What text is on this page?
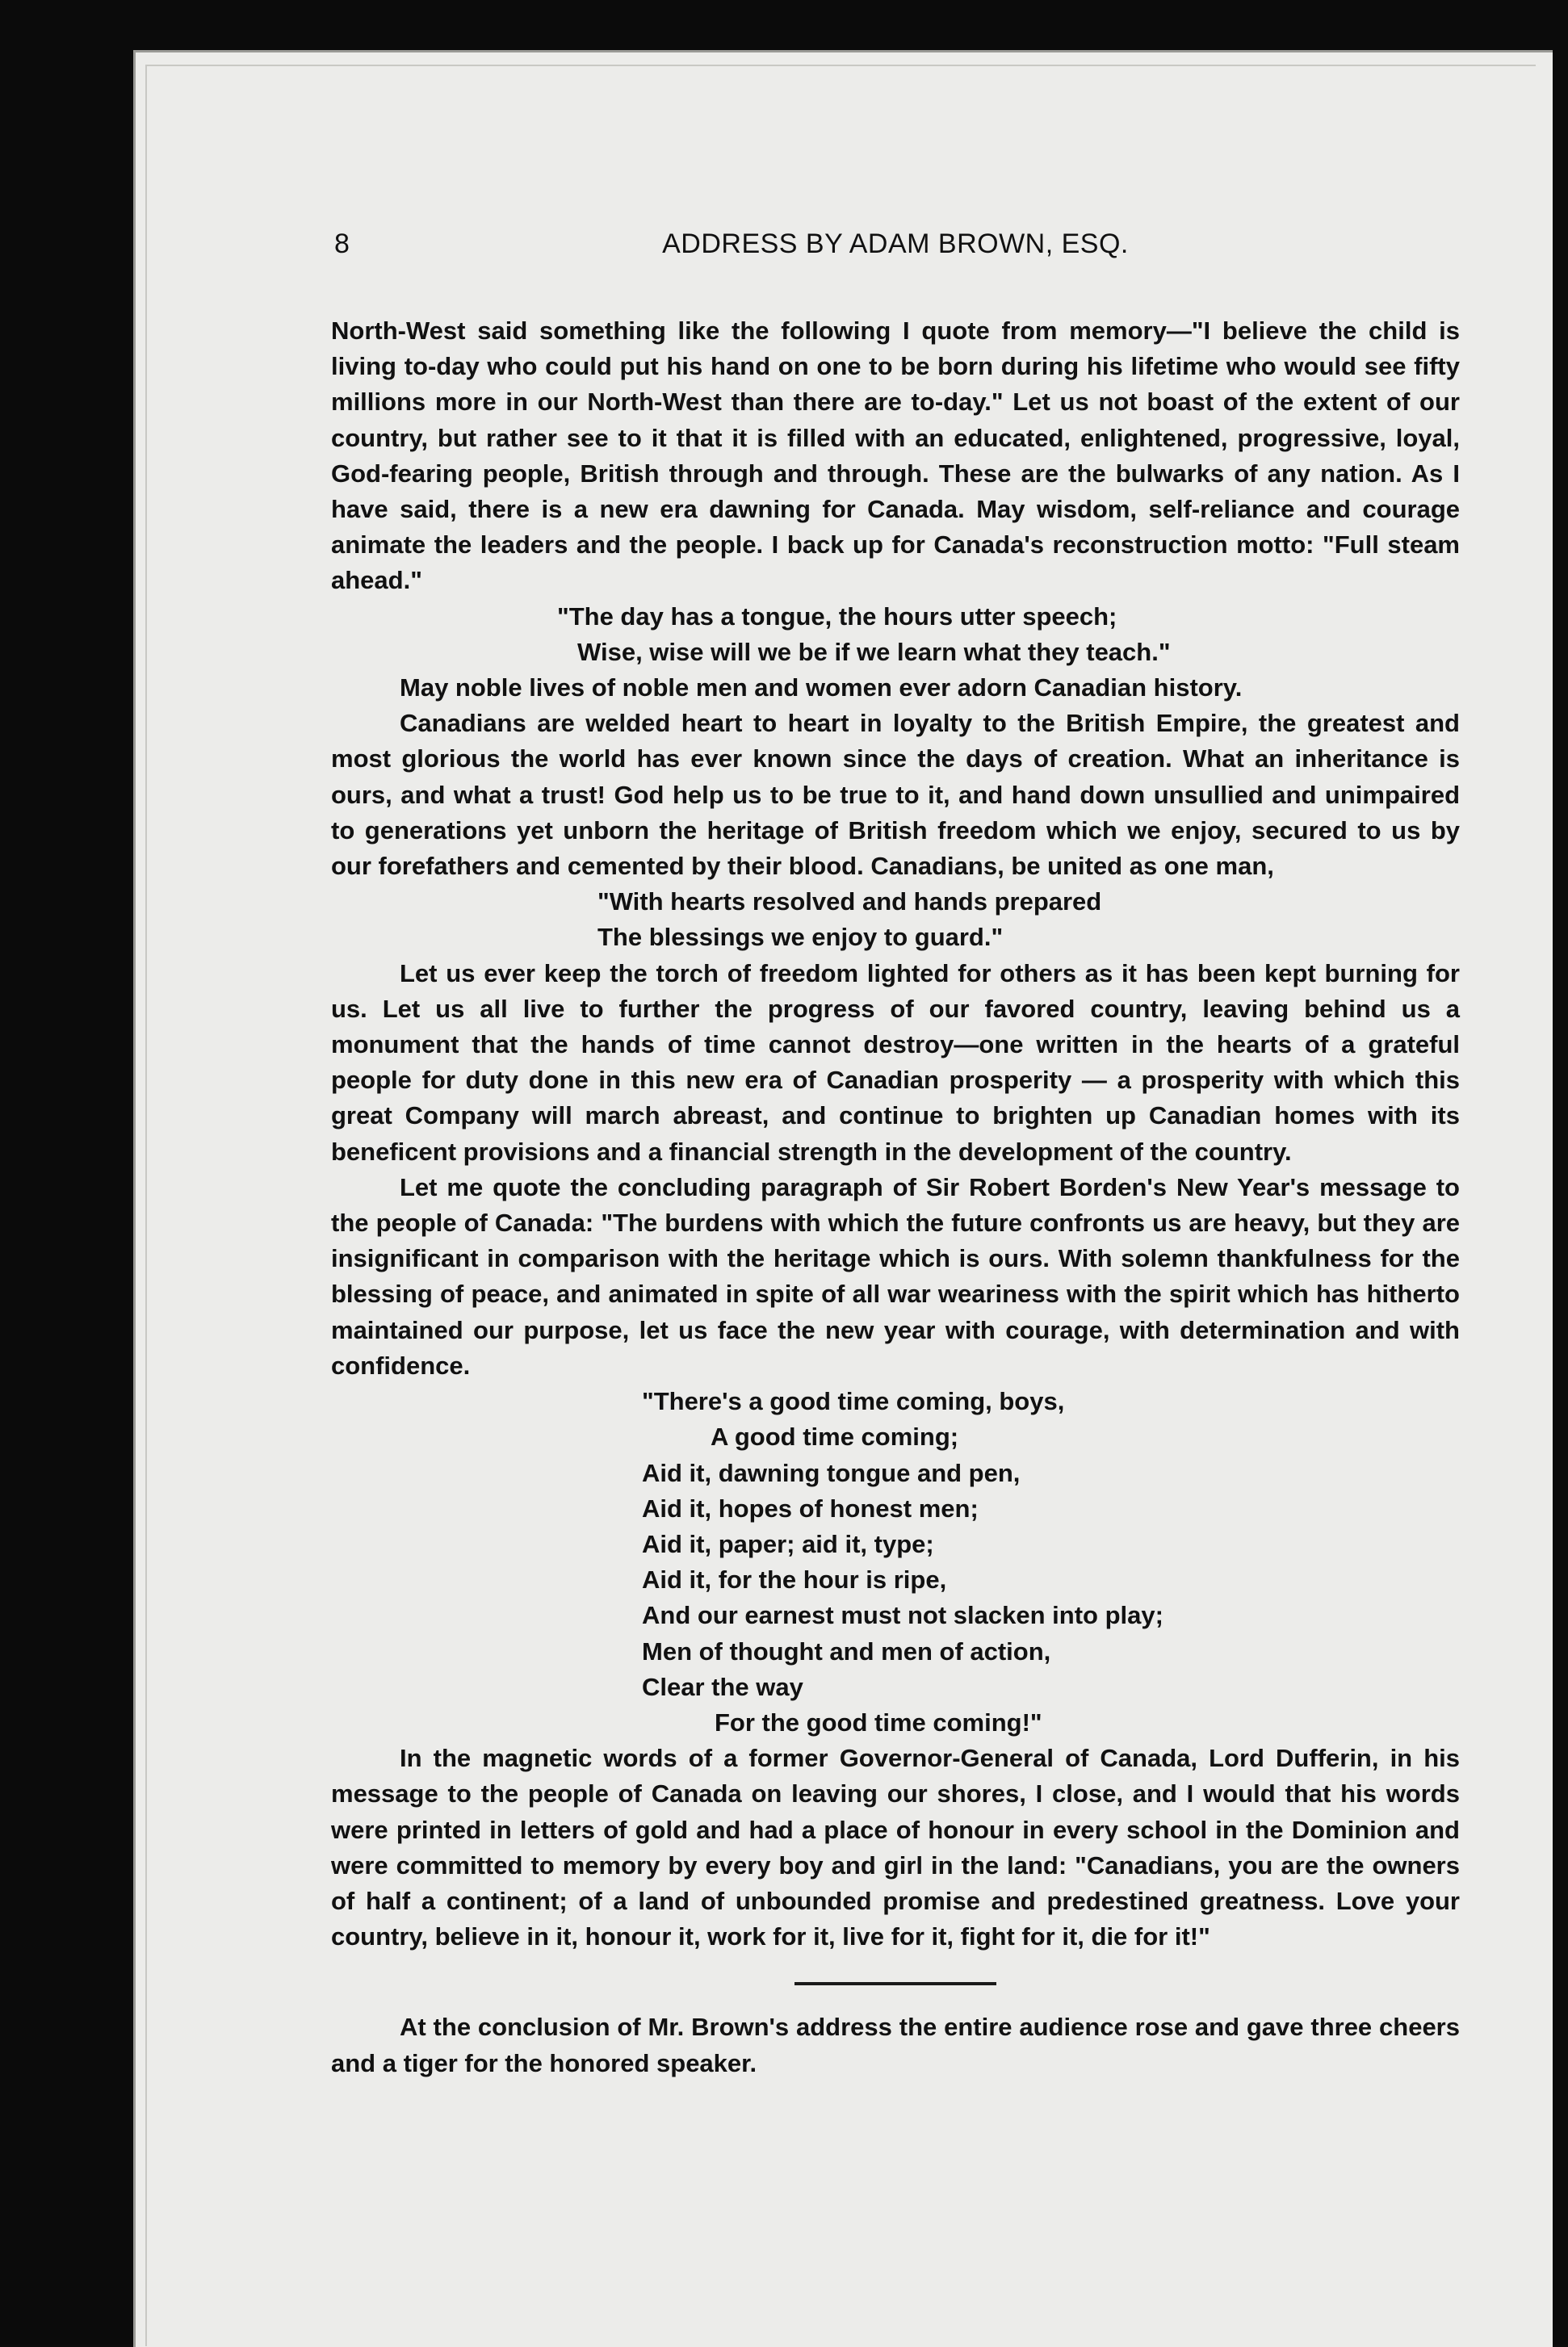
8	ADDRESS BY ADAM BROWN, ESQ.

North-West said something like the following I quote from memory—"I believe the child is living to-day who could put his hand on one to be born during his lifetime who would see fifty millions more in our North-West than there are to-day." Let us not boast of the extent of our country, but rather see to it that it is filled with an educated, enlightened, progressive, loyal, God-fearing people, British through and through. These are the bulwarks of any nation. As I have said, there is a new era dawning for Canada. May wisdom, self-reliance and courage animate the leaders and the people. I back up for Canada's reconstruction motto: "Full steam ahead."

"The day has a tongue, the hours utter speech;
Wise, wise will we be if we learn what they teach."

May noble lives of noble men and women ever adorn Canadian history.

Canadians are welded heart to heart in loyalty to the British Empire, the greatest and most glorious the world has ever known since the days of creation. What an inheritance is ours, and what a trust! God help us to be true to it, and hand down unsullied and unimpaired to generations yet unborn the heritage of British freedom which we enjoy, secured to us by our forefathers and cemented by their blood. Canadians, be united as one man,

"With hearts resolved and hands prepared
The blessings we enjoy to guard."

Let us ever keep the torch of freedom lighted for others as it has been kept burning for us. Let us all live to further the progress of our favored country, leaving behind us a monument that the hands of time cannot destroy—one written in the hearts of a grateful people for duty done in this new era of Canadian prosperity — a prosperity with which this great Company will march abreast, and continue to brighten up Canadian homes with its beneficent provisions and a financial strength in the development of the country.

Let me quote the concluding paragraph of Sir Robert Borden's New Year's message to the people of Canada: "The burdens with which the future confronts us are heavy, but they are insignificant in comparison with the heritage which is ours. With solemn thankfulness for the blessing of peace, and animated in spite of all war weariness with the spirit which has hitherto maintained our purpose, let us face the new year with courage, with determination and with confidence.

"There's a good time coming, boys,
A good time coming;
Aid it, dawning tongue and pen,
Aid it, hopes of honest men;
Aid it, paper; aid it, type;
Aid it, for the hour is ripe,
And our earnest must not slacken into play;
Men of thought and men of action,
Clear the way
For the good time coming!"

In the magnetic words of a former Governor-General of Canada, Lord Dufferin, in his message to the people of Canada on leaving our shores, I close, and I would that his words were printed in letters of gold and had a place of honour in every school in the Dominion and were committed to memory by every boy and girl in the land: "Canadians, you are the owners of half a continent; of a land of unbounded promise and predestined greatness. Love your country, believe in it, honour it, work for it, live for it, fight for it, die for it!"

At the conclusion of Mr. Brown's address the entire audience rose and gave three cheers and a tiger for the honored speaker.
